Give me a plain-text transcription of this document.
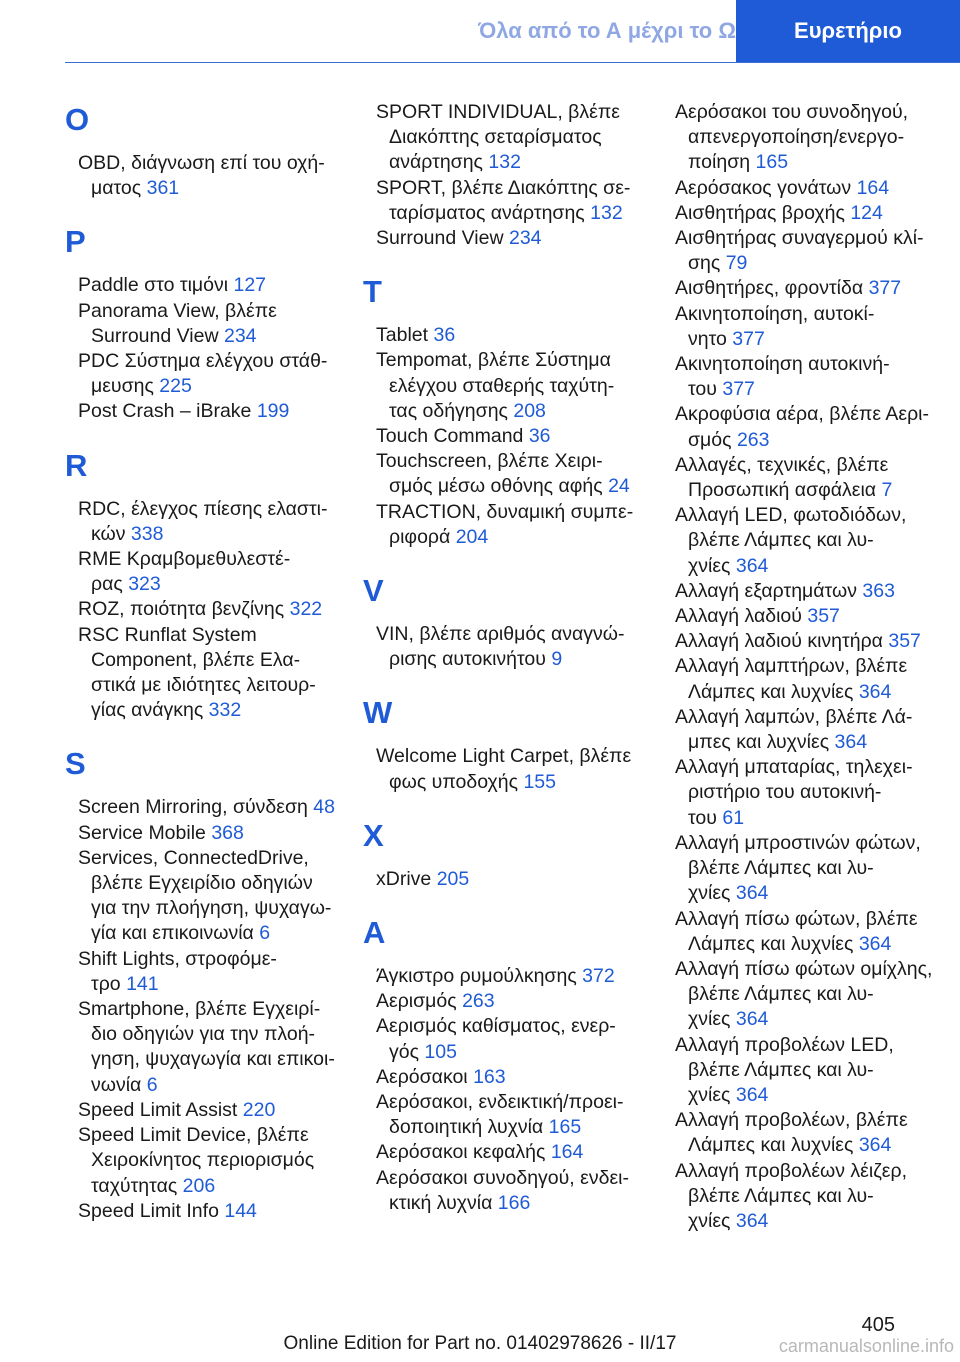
Όλα από το Α μέχρι το Ω	Ευρετήριο
O
OBD, διάγνωση επί του οχή-
ματος 361
P
Paddle στο τιμόνι 127
Panorama View, βλέπε
Surround View 234
PDC Σύστημα ελέγχου στάθ-
μευσης 225
Post Crash – iBrake 199
R
RDC, έλεγχος πίεσης ελαστι-
κών 338
RME Κραμβομεθυλεστέ-
ρας 323
ROZ, ποιότητα βενζίνης 322
RSC Runflat System
Component, βλέπε Ελα-
στικά με ιδιότητες λειτουρ-
γίας ανάγκης 332
S
Screen Mirroring, σύνδεση 48
Service Mobile 368
Services, ConnectedDrive,
βλέπε Εγχειρίδιο οδηγιών
για την πλοήγηση, ψυχαγω-
γία και επικοινωνία 6
Shift Lights, στροφόμε-
τρο 141
Smartphone, βλέπε Εγχειρί-
διο οδηγιών για την πλοή-
γηση, ψυχαγωγία και επικοι-
νωνία 6
Speed Limit Assist 220
Speed Limit Device, βλέπε
Χειροκίνητος περιορισμός
ταχύτητας 206
Speed Limit Info 144
SPORT INDIVIDUAL, βλέπε
Διακόπτης σεταρίσματος
ανάρτησης 132
SPORT, βλέπε Διακόπτης σε-
ταρίσματος ανάρτησης 132
Surround View 234
T
Tablet 36
Tempomat, βλέπε Σύστημα
ελέγχου σταθερής ταχύτη-
τας οδήγησης 208
Touch Command 36
Touchscreen, βλέπε Χειρι-
σμός μέσω οθόνης αφής 24
TRACTION, δυναμική συμπε-
ριφορά 204
V
VIN, βλέπε αριθμός αναγνώ-
ρισης αυτοκινήτου 9
W
Welcome Light Carpet, βλέπε
φως υποδοχής 155
X
xDrive 205
Α
Άγκιστρο ρυμούλκησης 372
Αερισμός 263
Αερισμός καθίσματος, ενερ-
γός 105
Αερόσακοι 163
Αερόσακοι, ενδεικτική/προει-
δοποιητική λυχνία 165
Αερόσακοι κεφαλής 164
Αερόσακοι συνοδηγού, ενδει-
κτική λυχνία 166
Αερόσακοι του συνοδηγού,
απενεργοποίηση/ενεργο-
ποίηση 165
Αερόσακος γονάτων 164
Αισθητήρας βροχής 124
Αισθητήρας συναγερμού κλί-
σης 79
Αισθητήρες, φροντίδα 377
Ακινητοποίηση, αυτοκί-
νητο 377
Ακινητοποίηση αυτοκινή-
του 377
Ακροφύσια αέρα, βλέπε Αερι-
σμός 263
Αλλαγές, τεχνικές, βλέπε
Προσωπική ασφάλεια 7
Αλλαγή LED, φωτοδιόδων,
βλέπε Λάμπες και λυ-
χνίες 364
Αλλαγή εξαρτημάτων 363
Αλλαγή λαδιού 357
Αλλαγή λαδιού κινητήρα 357
Αλλαγή λαμπτήρων, βλέπε
Λάμπες και λυχνίες 364
Αλλαγή λαμπών, βλέπε Λά-
μπες και λυχνίες 364
Αλλαγή μπαταρίας, τηλεχει-
ριστήριο του αυτοκινή-
του 61
Αλλαγή μπροστινών φώτων,
βλέπε Λάμπες και λυ-
χνίες 364
Αλλαγή πίσω φώτων, βλέπε
Λάμπες και λυχνίες 364
Αλλαγή πίσω φώτων ομίχλης,
βλέπε Λάμπες και λυ-
χνίες 364
Αλλαγή προβολέων LED,
βλέπε Λάμπες και λυ-
χνίες 364
Αλλαγή προβολέων, βλέπε
Λάμπες και λυχνίες 364
Αλλαγή προβολέων λέιζερ,
βλέπε Λάμπες και λυ-
χνίες 364
405
Online Edition for Part no. 01402978626 - II/17	carmanualsonline.info
